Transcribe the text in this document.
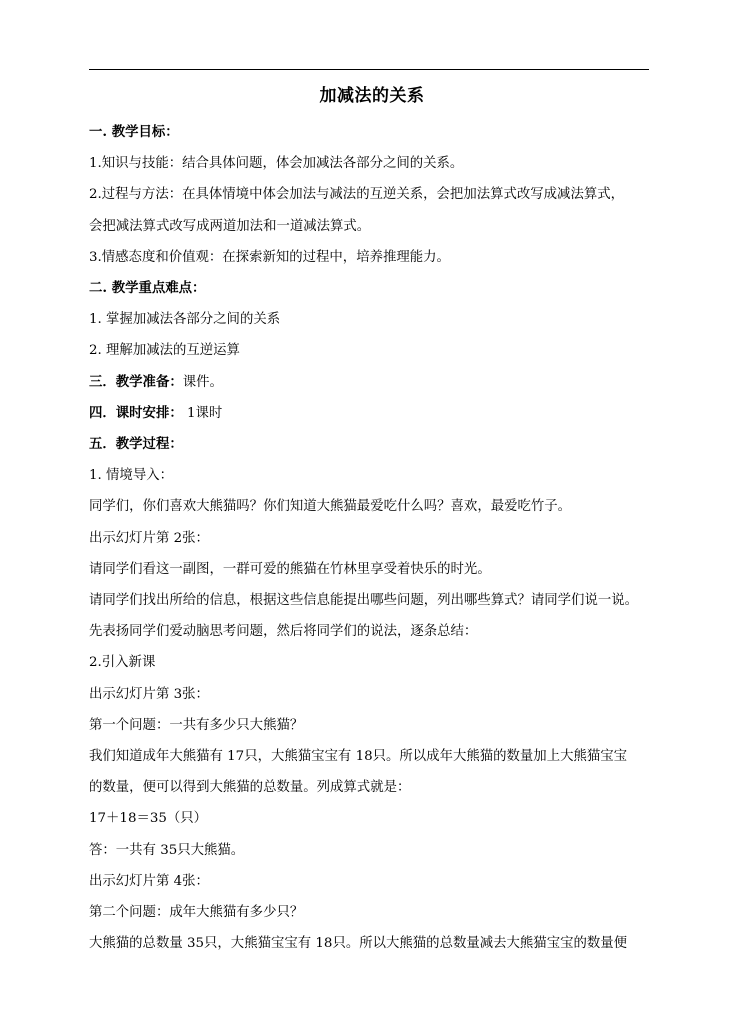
加减法的关系

一. 教学目标：

1.知识与技能：结合具体问题，体会加减法各部分之间的关系。

2.过程与方法：在具体情境中体会加法与减法的互逆关系，会把加法算式改写成减法算式，

会把减法算式改写成两道加法和一道减法算式。

3.情感态度和价值观：在探索新知的过程中，培养推理能力。

二. 教学重点难点：

1. 掌握加减法各部分之间的关系

2. 理解加减法的互逆运算

三．教学准备：课件。

四．课时安排： 1课时

五．教学过程：

1. 情境导入：

同学们，你们喜欢大熊猫吗？你们知道大熊猫最爱吃什么吗？喜欢，最爱吃竹子。

出示幻灯片第 2张：

请同学们看这一副图，一群可爱的熊猫在竹林里享受着快乐的时光。

请同学们找出所给的信息，根据这些信息能提出哪些问题，列出哪些算式？请同学们说一说。

先表扬同学们爱动脑思考问题，然后将同学们的说法，逐条总结：

2.引入新课

出示幻灯片第 3张：

第一个问题：一共有多少只大熊猫？

我们知道成年大熊猫有 17只，大熊猫宝宝有 18只。所以成年大熊猫的数量加上大熊猫宝宝

的数量，便可以得到大熊猫的总数量。列成算式就是：

17＋18＝35（只）

答：一共有 35只大熊猫。

出示幻灯片第 4张：

第二个问题：成年大熊猫有多少只？

大熊猫的总数量 35只，大熊猫宝宝有 18只。所以大熊猫的总数量减去大熊猫宝宝的数量便
